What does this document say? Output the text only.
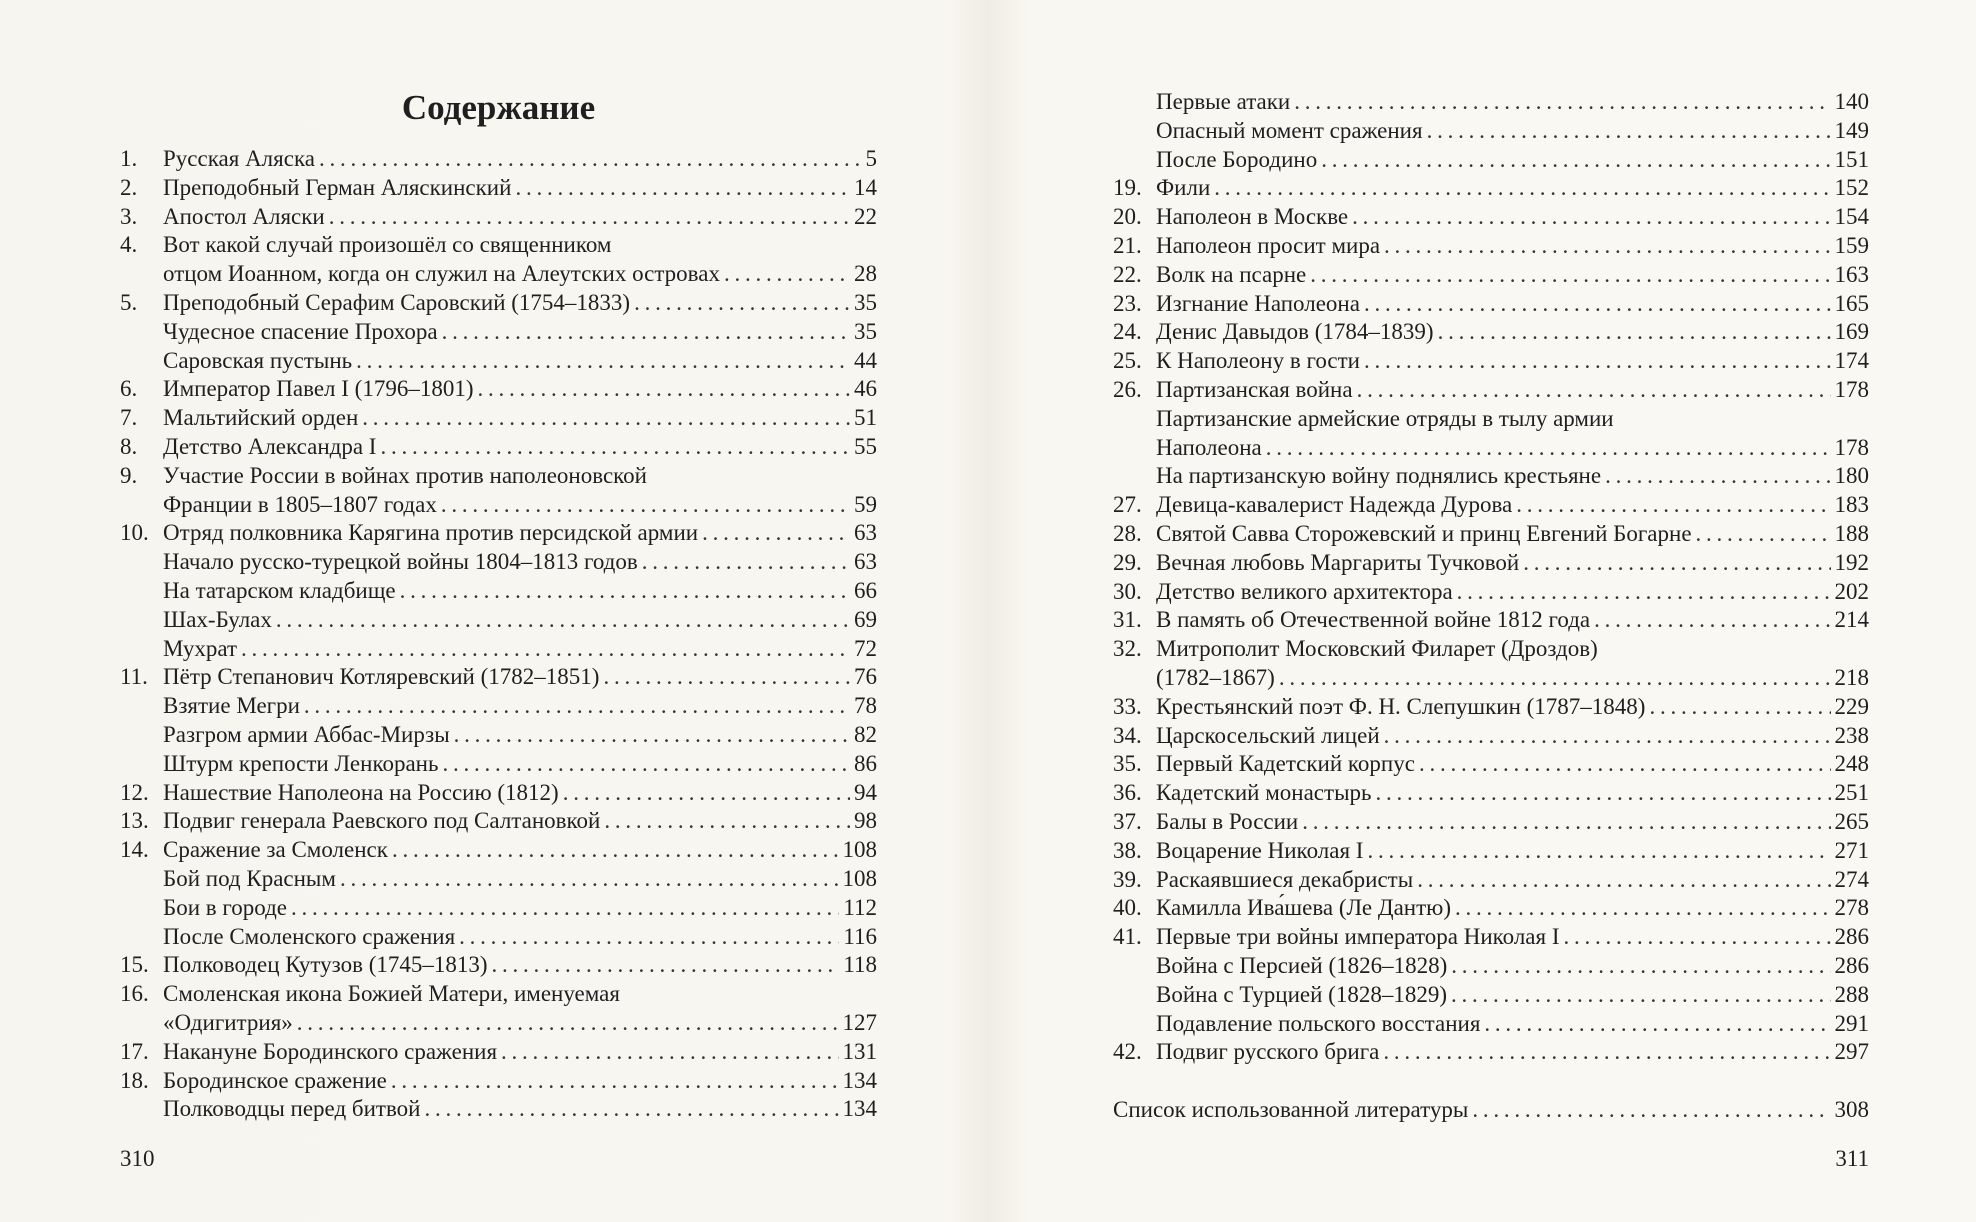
Содержание
1.	Русская Аляска . . .	5
2.	Преподобный Герман Аляскинский . . .	14
3.	Апостол Аляски . . .	22
4.	Вот какой случай произошёл со священником
отцом Иоанном, когда он служил на Алеутских островах . . .	28
5.	Преподобный Серафим Саровский (1754–1833) . . .	35
Чудесное спасение Прохора . . .	35
Саровская пустынь . . .	44
6.	Император Павел I (1796–1801) . . .	46
7.	Мальтийский орден . . .	51
8.	Детство Александра I . . .	55
9.	Участие России в войнах против наполеоновской
Франции в 1805–1807 годах . . .	59
10. Отряд полковника Карягина против персидской армии . . .	63
Начало русско-турецкой войны 1804–1813 годов . . .	63
На татарском кладбище . . .	66
Шах-Булах . . .	69
Мухрат . . .	72
11. Пётр Степанович Котляревский (1782–1851) . . .	76
Взятие Мегри . . .	78
Разгром армии Аббас-Мирзы . . .	82
Штурм крепости Ленкорань . . .	86
12. Нашествие Наполеона на Россию (1812) . . .	94
13. Подвиг генерала Раевского под Салтановкой . . .	98
14. Сражение за Смоленск . . .	108
Бой под Красным . . .	108
Бои в городе . . .	112
После Смоленского сражения . . .	116
15. Полководец Кутузов (1745–1813) . . .	118
16. Смоленская икона Божией Матери, именуемая
«Одигитрия» . . .	127
17. Накануне Бородинского сражения . . .	131
18. Бородинское сражение . . .	134
Полководцы перед битвой . . .	134
310
Первые атаки . . .	140
Опасный момент сражения . . .	149
После Бородино . . .	151
19. Фили . . .	152
20. Наполеон в Москве . . .	154
21. Наполеон просит мира . . .	159
22. Волк на псарне . . .	163
23. Изгнание Наполеона . . .	165
24. Денис Давыдов (1784–1839) . . .	169
25. К Наполеону в гости . . .	174
26. Партизанская война . . .	178
Партизанские армейские отряды в тылу армии
Наполеона . . .	178
На партизанскую войну поднялись крестьяне . . .	180
27. Девица-кавалерист Надежда Дурова . . .	183
28. Святой Савва Сторожевский и принц Евгений Богарне . . .	188
29. Вечная любовь Маргариты Тучковой . . .	192
30. Детство великого архитектора . . .	202
31. В память об Отечественной войне 1812 года . . .	214
32. Митрополит Московский Филарет (Дроздов)
(1782–1867) . . .	218
33. Крестьянский поэт Ф. Н. Слепушкин (1787–1848) . . .	229
34. Царскосельский лицей . . .	238
35. Первый Кадетский корпус . . .	248
36. Кадетский монастырь . . .	251
37. Балы в России . . .	265
38. Воцарение Николая I . . .	271
39. Раскаявшиеся декабристы . . .	274
40. Камилла Ива́шева (Ле Дантю) . . .	278
41. Первые три войны императора Николая I . . .	286
Война с Персией (1826–1828) . . .	286
Война с Турцией (1828–1829) . . .	288
Подавление польского восстания . . .	291
42. Подвиг русского брига . . .	297
Список использованной литературы . . .	308
311
